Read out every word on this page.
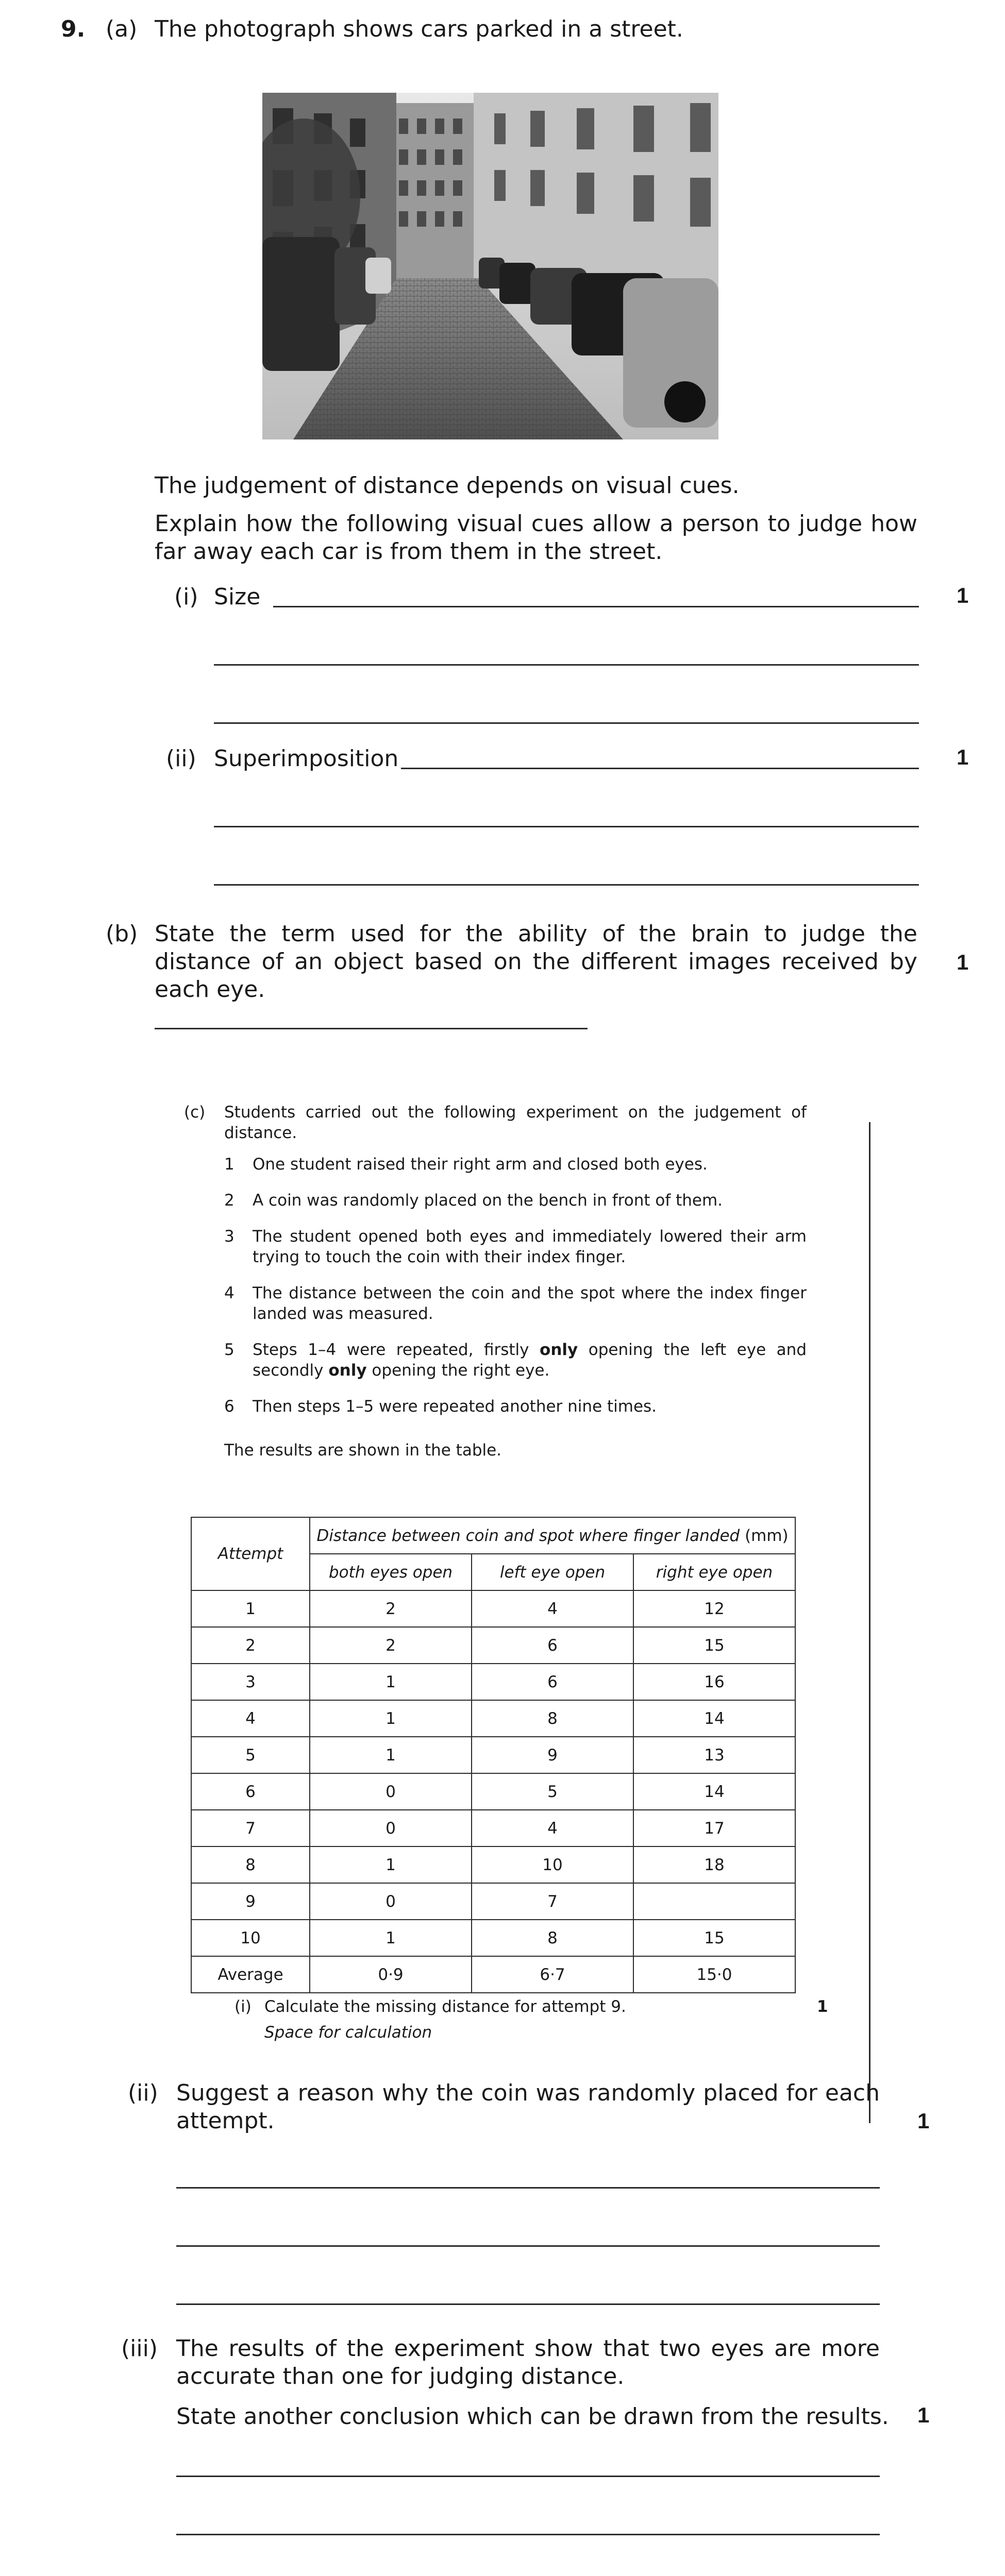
9. (a) The photograph shows cars parked in a street.
The judgement of distance depends on visual cues.
Explain how the following visual cues allow a person to judge how far away each car is from them in the street.
(i) Size	1
(ii) Superimposition	1
(b) State the term used for the ability of the brain to judge the distance of an object based on the different images received by each eye.
1
(c) Students carried out the following experiment on the judgement of distance.
1 One student raised their right arm and closed both eyes.
2 A coin was randomly placed on the bench in front of them.
3 The student opened both eyes and immediately lowered their arm trying to touch the coin with their index finger.
4 The distance between the coin and the spot where the index finger landed was measured.
5 Steps 1–4 were repeated, firstly only opening the left eye and secondly only opening the right eye.
6 Then steps 1–5 were repeated another nine times.
The results are shown in the table.
Attempt	Distance between coin and spot where finger landed (mm)		
	both eyes open	left eye open	right eye open
1	2	4	12
2	2	6	15
3	1	6	16
4	1	8	14
5	1	9	13
6	0	5	14
7	0	4	17
8	1	10	18
9	0	7	
10	1	8	15
Average	0·9	6·7	15·0
(i) Calculate the missing distance for attempt 9.	1
Space for calculation
(ii) Suggest a reason why the coin was randomly placed for each attempt.	1
(iii) The results of the experiment show that two eyes are more accurate than one for judging distance.
State another conclusion which can be drawn from the results.	1
